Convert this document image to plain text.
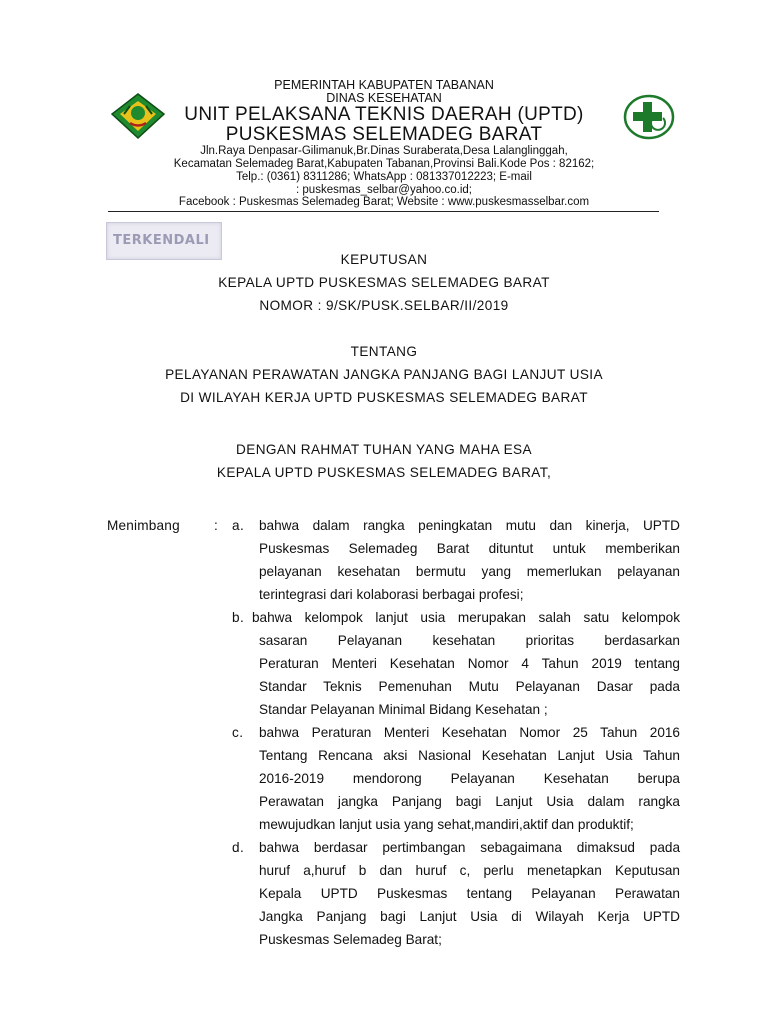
PEMERINTAH KABUPATEN TABANAN
DINAS KESEHATAN
UNIT PELAKSANA TEKNIS DAERAH (UPTD)
PUSKESMAS SELEMADEG BARAT
Jln.Raya Denpasar-Gilimanuk,Br.Dinas Suraberata,Desa Lalanglinggah,
Kecamatan Selemadeg Barat,Kabupaten Tabanan,Provinsi Bali.Kode Pos : 82162;
Telp.: (0361) 8311286; WhatsApp : 081337012223; E-mail
: puskesmas_selbar@yahoo.co.id;
Facebook : Puskesmas Selemadeg Barat; Website : www.puskesmasselbar.com
TERKENDALI
KEPUTUSAN
KEPALA UPTD PUSKESMAS SELEMADEG BARAT
NOMOR : 9/SK/PUSK.SELBAR/II/2019
TENTANG
PELAYANAN PERAWATAN JANGKA PANJANG BAGI LANJUT USIA
DI WILAYAH KERJA UPTD PUSKESMAS SELEMADEG BARAT
DENGAN RAHMAT TUHAN YANG MAHA ESA
KEPALA UPTD PUSKESMAS SELEMADEG BARAT,
Menimbang	: a. bahwa dalam rangka peningkatan mutu dan kinerja, UPTD
Puskesmas Selemadeg Barat dituntut untuk memberikan
pelayanan kesehatan bermutu yang memerlukan pelayanan
terintegrasi dari kolaborasi berbagai profesi;
b. bahwa kelompok lanjut usia merupakan salah satu kelompok
sasaran Pelayanan kesehatan prioritas berdasarkan
Peraturan Menteri Kesehatan Nomor 4 Tahun 2019 tentang
Standar Teknis Pemenuhan Mutu Pelayanan Dasar pada
Standar Pelayanan Minimal Bidang Kesehatan ;
c. bahwa Peraturan Menteri Kesehatan Nomor 25 Tahun 2016
Tentang Rencana aksi Nasional Kesehatan Lanjut Usia Tahun
2016-2019 mendorong Pelayanan Kesehatan berupa
Perawatan jangka Panjang bagi Lanjut Usia dalam rangka
mewujudkan lanjut usia yang sehat,mandiri,aktif dan produktif;
d. bahwa berdasar pertimbangan sebagaimana dimaksud pada
huruf a,huruf b dan huruf c, perlu menetapkan Keputusan
Kepala UPTD Puskesmas tentang Pelayanan Perawatan
Jangka Panjang bagi Lanjut Usia di Wilayah Kerja UPTD
Puskesmas Selemadeg Barat;
